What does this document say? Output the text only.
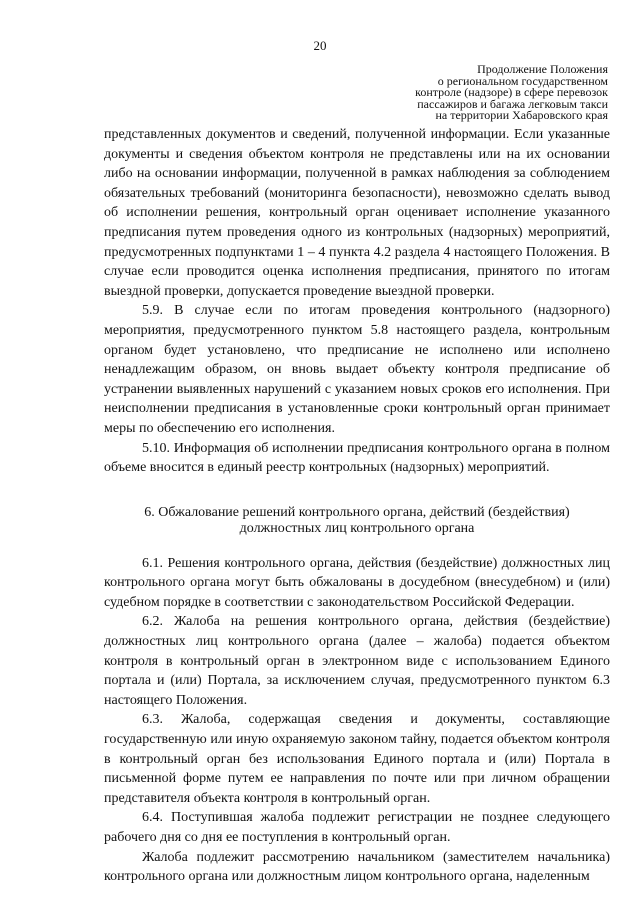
20
Продолжение Положения
о региональном государственном
контроле (надзоре) в сфере перевозок
пассажиров и багажа легковым такси
на территории Хабаровского края

представленных документов и сведений, полученной информации. Если указанные документы и сведения объектом контроля не представлены или на их основании либо на основании информации, полученной в рамках наблюдения за соблюдением обязательных требований (мониторинга безопасности), невозможно сделать вывод об исполнении решения, контрольный орган оценивает исполнение указанного предписания путем проведения одного из контрольных (надзорных) мероприятий, предусмотренных подпунктами 1 – 4 пункта 4.2 раздела 4 настоящего Положения. В случае если проводится оценка исполнения предписания, принятого по итогам выездной проверки, допускается проведение выездной проверки.

5.9. В случае если по итогам проведения контрольного (надзорного) мероприятия, предусмотренного пунктом 5.8 настоящего раздела, контрольным органом будет установлено, что предписание не исполнено или исполнено ненадлежащим образом, он вновь выдает объекту контроля предписание об устранении выявленных нарушений с указанием новых сроков его исполнения. При неисполнении предписания в установленные сроки контрольный орган принимает меры по обеспечению его исполнения.

5.10. Информация об исполнении предписания контрольного органа в полном объеме вносится в единый реестр контрольных (надзорных) мероприятий.

6. Обжалование решений контрольного органа, действий (бездействия)
должностных лиц контрольного органа

6.1. Решения контрольного органа, действия (бездействие) должностных лиц контрольного органа могут быть обжалованы в досудебном (внесудебном) и (или) судебном порядке в соответствии с законодательством Российской Федерации.

6.2. Жалоба на решения контрольного органа, действия (бездействие) должностных лиц контрольного органа (далее – жалоба) подается объектом контроля в контрольный орган в электронном виде с использованием Единого портала и (или) Портала, за исключением случая, предусмотренного пунктом 6.3 настоящего Положения.

6.3. Жалоба, содержащая сведения и документы, составляющие государственную или иную охраняемую законом тайну, подается объектом контроля в контрольный орган без использования Единого портала и (или) Портала в письменной форме путем ее направления по почте или при личном обращении представителя объекта контроля в контрольный орган.

6.4. Поступившая жалоба подлежит регистрации не позднее следующего рабочего дня со дня ее поступления в контрольный орган.

Жалоба подлежит рассмотрению начальником (заместителем начальника) контрольного органа или должностным лицом контрольного органа, наделенным
